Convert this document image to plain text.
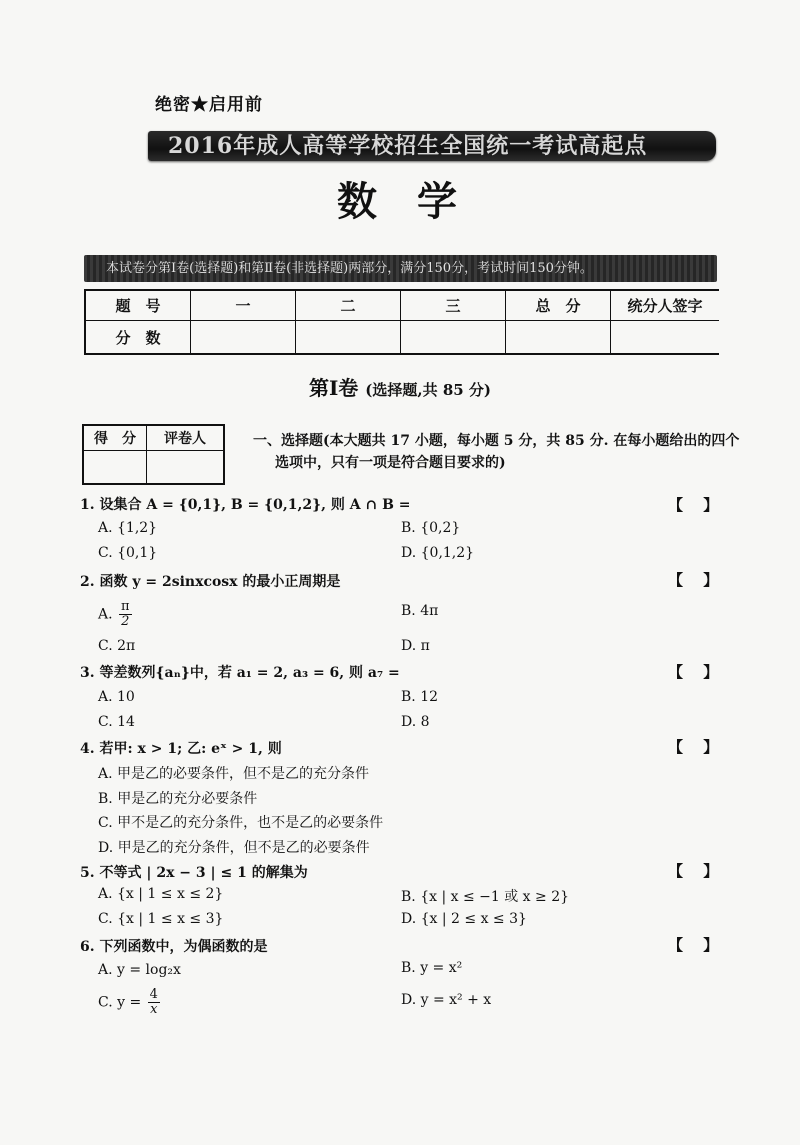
绝密★启用前
2016年成人高等学校招生全国统一考试高起点
数 学
本试卷分第Ⅰ卷(选择题)和第Ⅱ卷(非选择题)两部分，满分150分，考试时间150分钟。
题　号	一	二	三	总　分	统分人签字
分　数					
第Ⅰ卷 (选择题,共 85 分)
得　分	评卷人
		一、选择题(本大题共 17 小题，每小题 5 分，共 85 分. 在每小题给出的四个选项中，只有一项是符合题目要求的)
1. 设集合 A = {0,1}, B = {0,1,2}, 则 A ∩ B =	【　 】
A. {1,2}	B. {0,2}
C. {0,1}	D. {0,1,2}
2. 函数 y = 2sinxcosx 的最小正周期是	【　 】
A. $\frac{\pi}{2}$	B. 4π
C. 2π	D. π
3. 等差数列{aₙ}中，若 a₁ = 2, a₃ = 6, 则 a₇ =	【　 】
A. 10	B. 12
C. 14	D. 8
4. 若甲: x > 1; 乙: eˣ > 1, 则	【　 】
A. 甲是乙的必要条件，但不是乙的充分条件
B. 甲是乙的充分必要条件
C. 甲不是乙的充分条件，也不是乙的必要条件
D. 甲是乙的充分条件，但不是乙的必要条件
5. 不等式 | 2x − 3 | ≤ 1 的解集为	【　 】
A. {x | 1 ≤ x ≤ 2}	B. {x | x ≤ −1 或 x ≥ 2}
C. {x | 1 ≤ x ≤ 3}	D. {x | 2 ≤ x ≤ 3}
6. 下列函数中，为偶函数的是	【　 】
A. y = log₂x	B. y = x²
C. $y = \frac{4}{x}$	D. y = x² + x
